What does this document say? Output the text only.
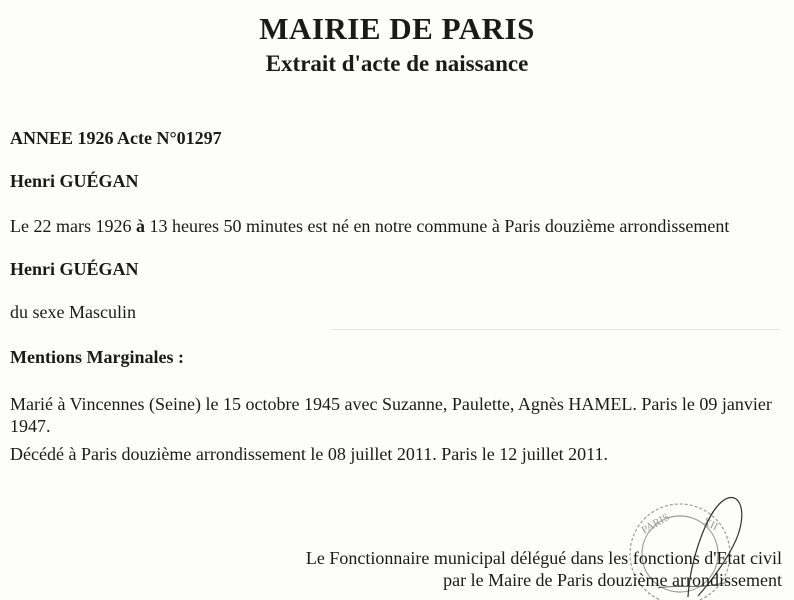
MAIRIE DE PARIS
Extrait d'acte de naissance

ANNEE 1926 Acte N°01297

Henri GUÉGAN

Le 22 mars 1926 à 13 heures 50 minutes est né en notre commune à Paris douzième arrondissement

Henri GUÉGAN

du sexe Masculin

Mentions Marginales :

Marié à Vincennes (Seine) le 15 octobre 1945 avec Suzanne, Paulette, Agnès HAMEL. Paris le 09 janvier 1947.

Décédé à Paris douzième arrondissement le 08 juillet 2011. Paris le 12 juillet 2011.

PARIS	XII
Le Fonctionnaire municipal délégué dans les fonctions d'Etat civil
par le Maire de Paris douzième arrondissement
